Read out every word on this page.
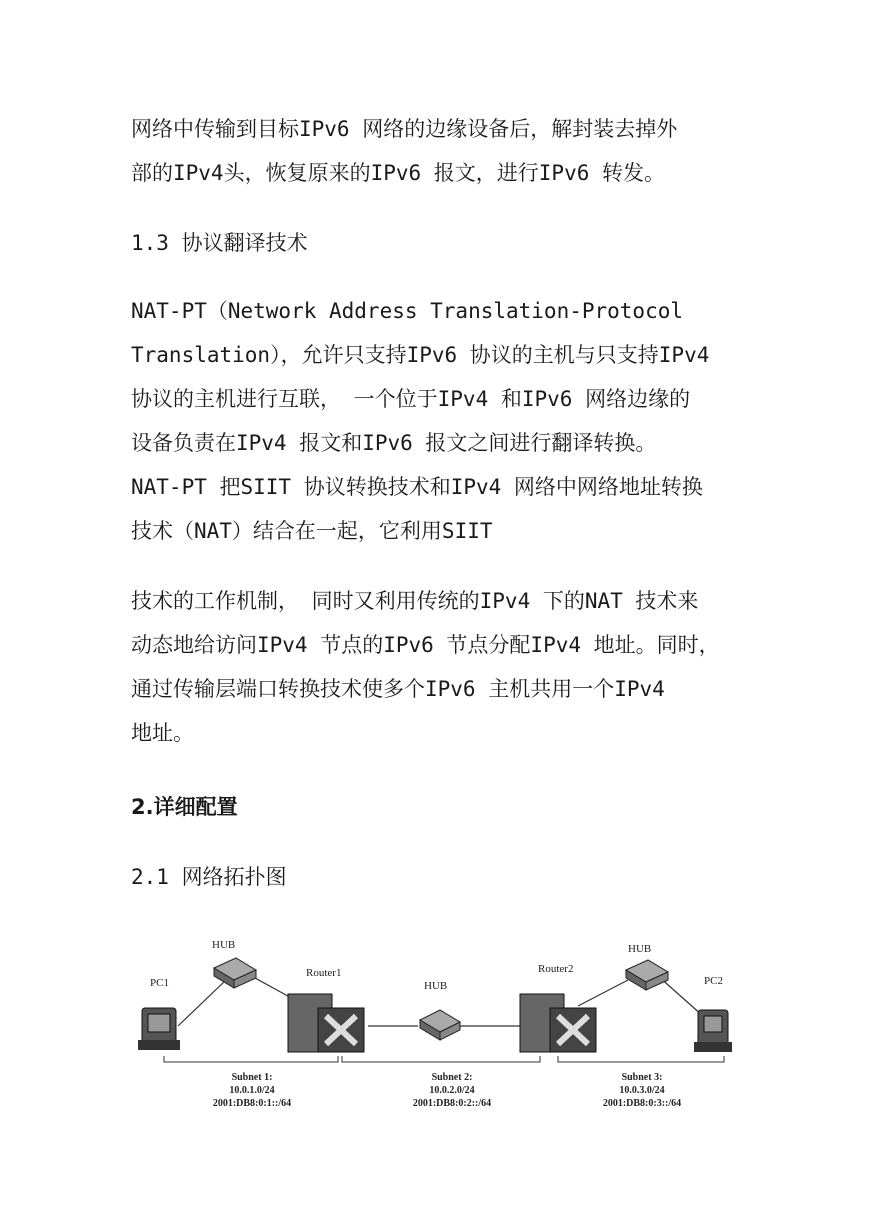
网络中传输到目标IPv6 网络的边缘设备后，解封装去掉外
部的IPv4头，恢复原来的IPv6 报文，进行IPv6 转发。
1.3 协议翻译技术
NAT-PT（Network Address Translation-Protocol
Translation），允许只支持IPv6 协议的主机与只支持IPv4
协议的主机进行互联， 一个位于IPv4 和IPv6 网络边缘的
设备负责在IPv4 报文和IPv6 报文之间进行翻译转换。
NAT-PT 把SIIT 协议转换技术和IPv4 网络中网络地址转换
技术（NAT）结合在一起，它利用SIIT
技术的工作机制， 同时又利用传统的IPv4 下的NAT 技术来
动态地给访问IPv4 节点的IPv6 节点分配IPv4 地址。同时，
通过传输层端口转换技术使多个IPv6 主机共用一个IPv4
地址。
2.详细配置
2.1 网络拓扑图
PC1
HUB
Router1
HUB
Router2
HUB
PC2
Subnet 1:
10.0.1.0/24
2001:DB8:0:1::/64
Subnet 2:
10.0.2.0/24
2001:DB8:0:2::/64
Subnet 3:
10.0.3.0/24
2001:DB8:0:3::/64
